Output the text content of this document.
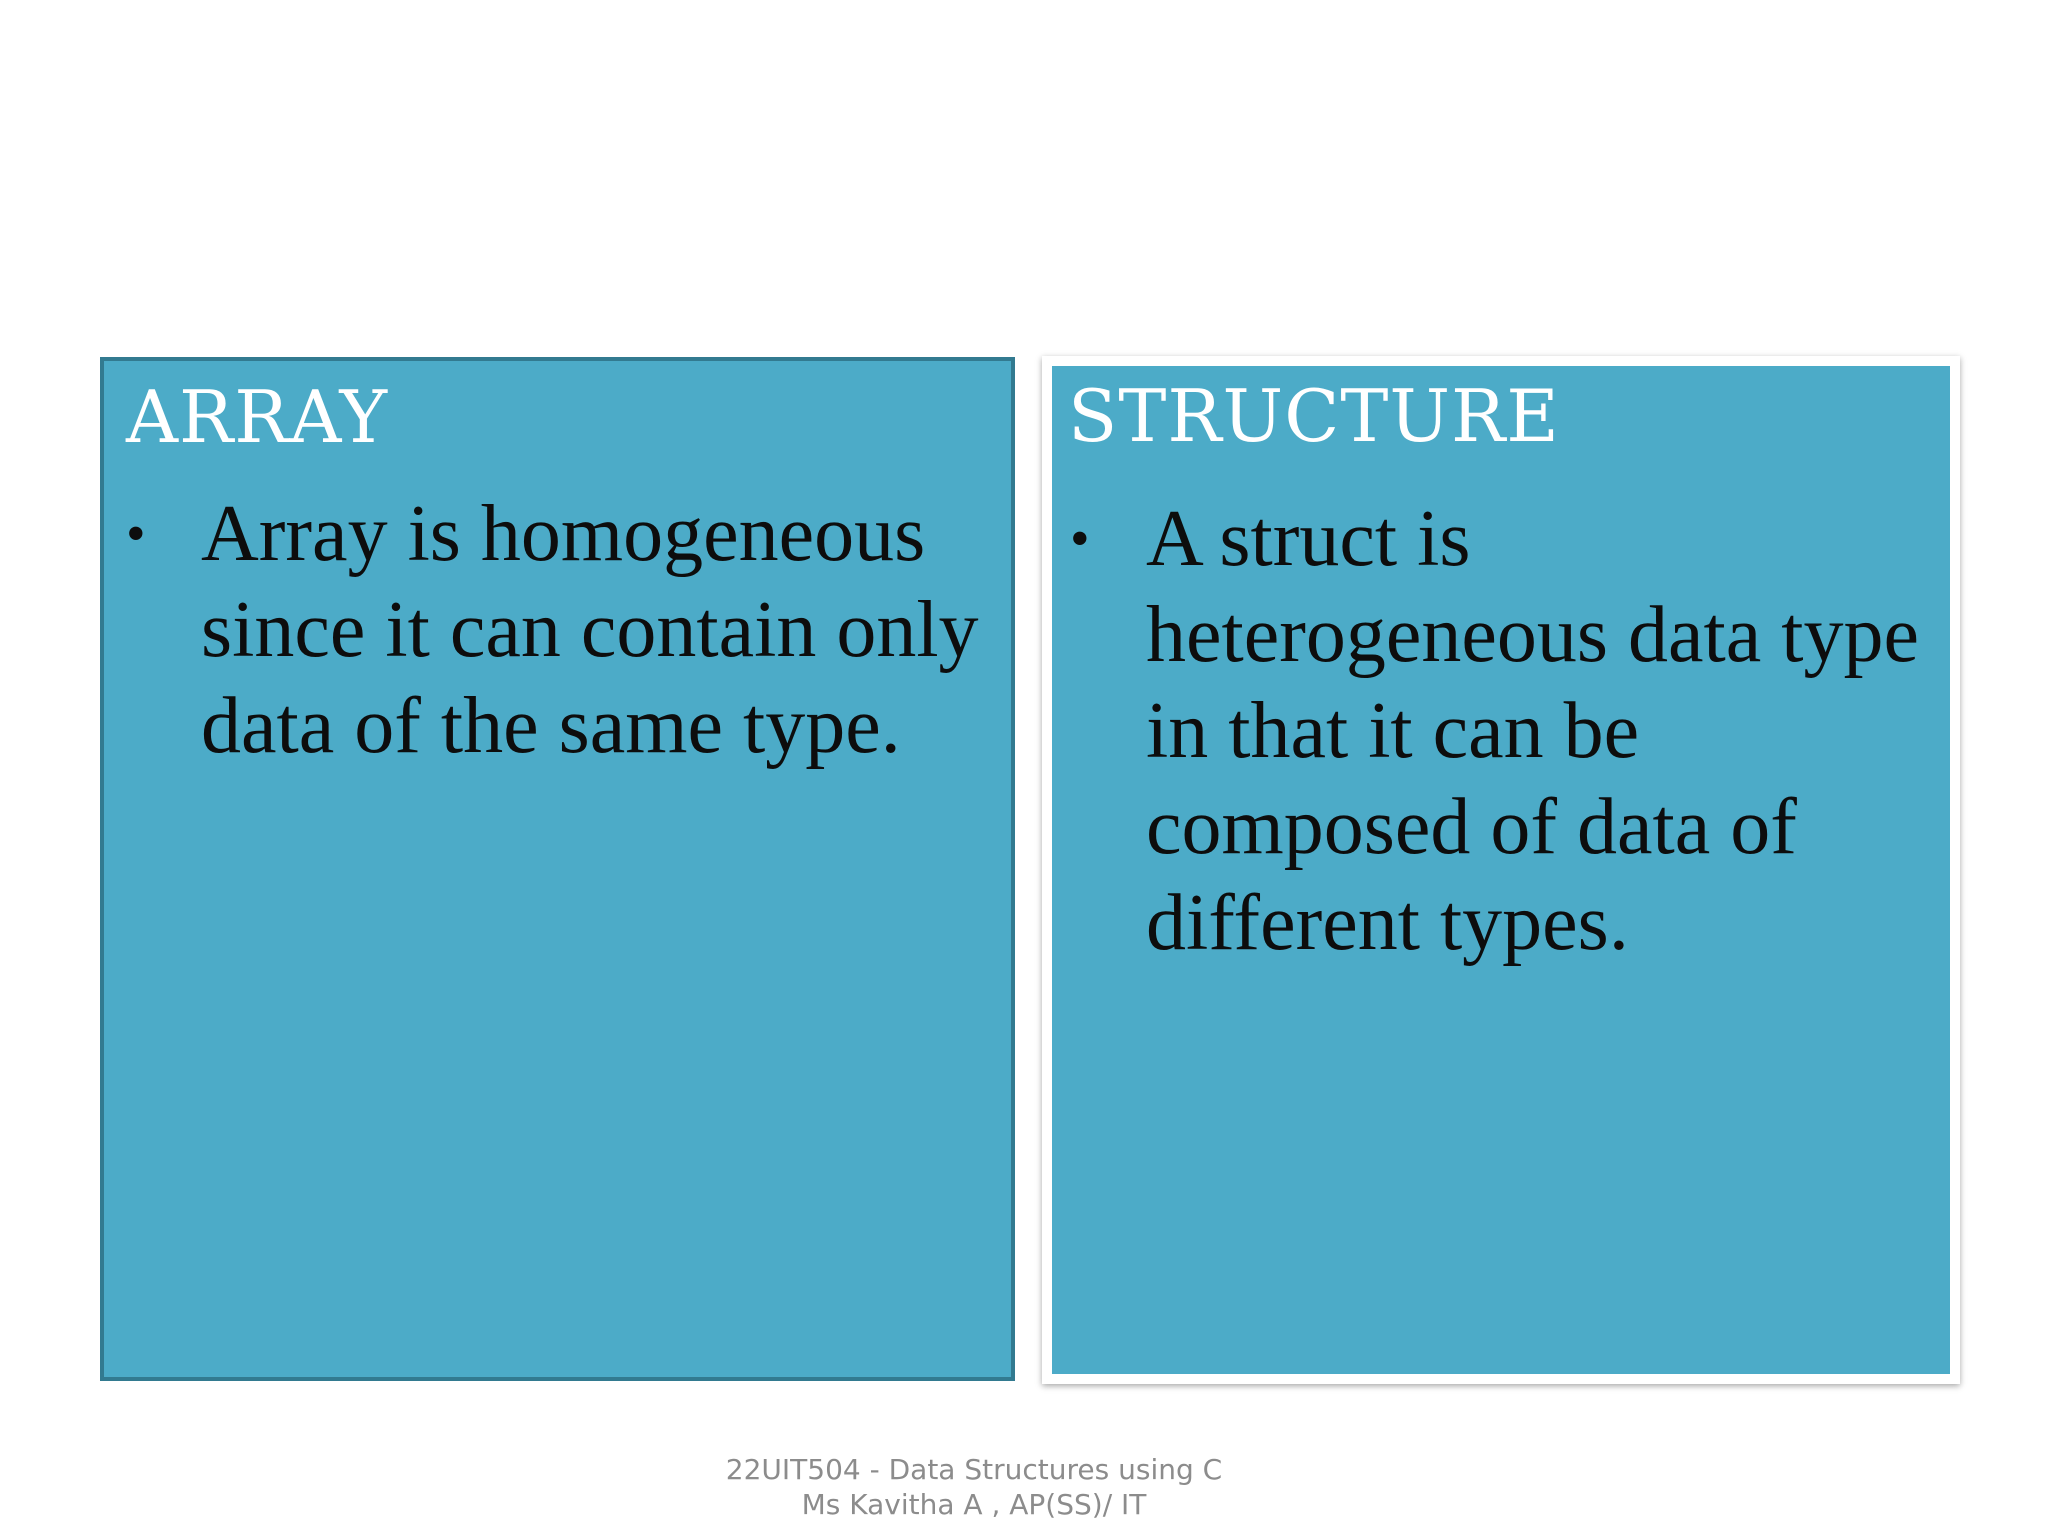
ARRAY
• Array is homogeneous since it can contain only data of the same type.
STRUCTURE
• A struct is heterogeneous data type in that it can be composed of data of different types.
22UIT504 - Data Structures using C
Ms Kavitha A , AP(SS)/ IT
